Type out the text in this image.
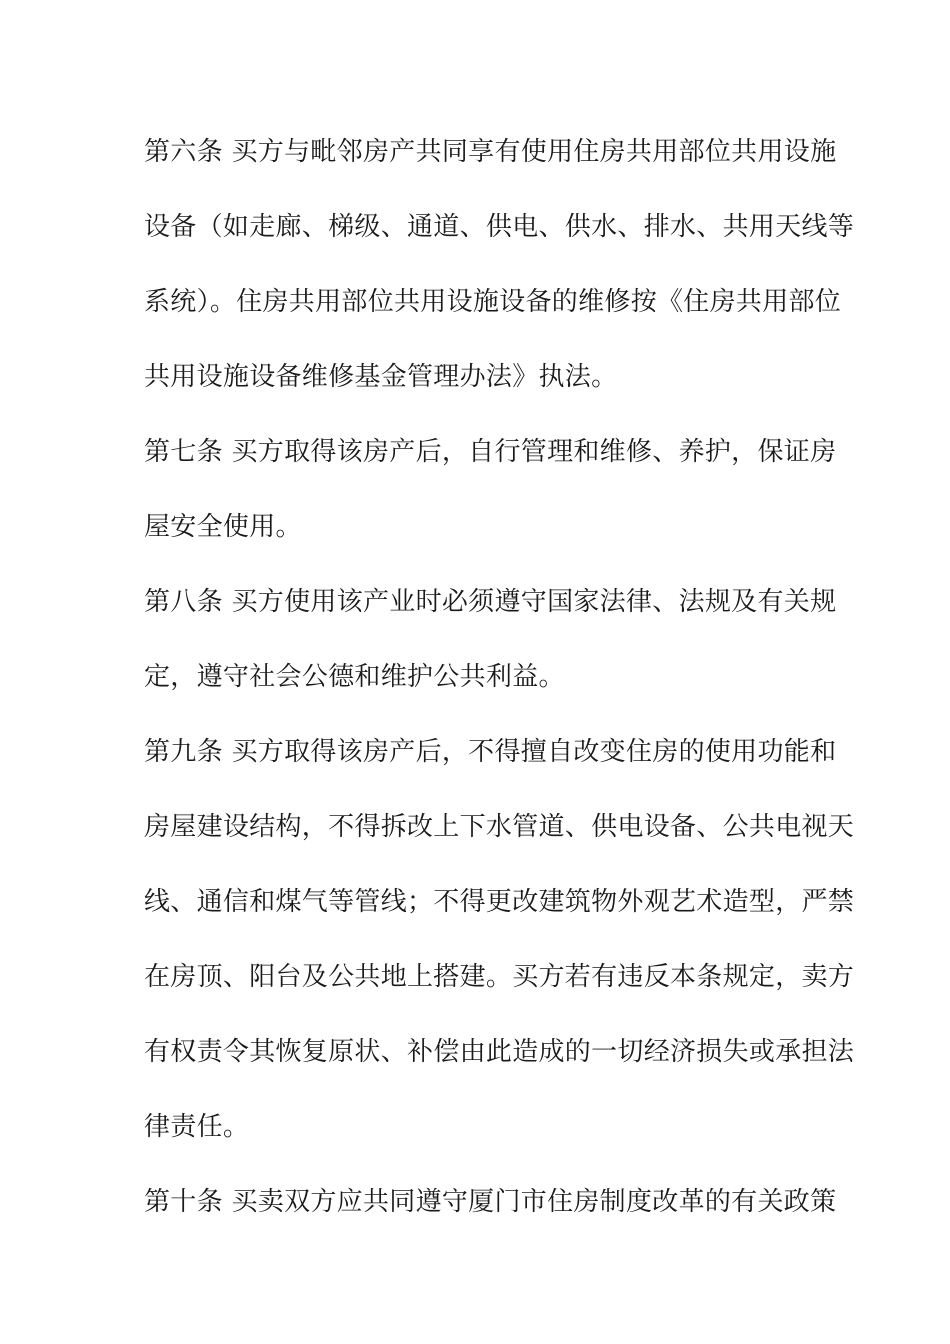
第六条 买方与毗邻房产共同享有使用住房共用部位共用设施
设备（如走廊、梯级、通道、供电、供水、排水、共用天线等
系统）。住房共用部位共用设施设备的维修按《住房共用部位
共用设施设备维修基金管理办法》执法。
第七条 买方取得该房产后，自行管理和维修、养护，保证房
屋安全使用。
第八条 买方使用该产业时必须遵守国家法律、法规及有关规
定，遵守社会公德和维护公共利益。
第九条 买方取得该房产后，不得擅自改变住房的使用功能和
房屋建设结构，不得拆改上下水管道、供电设备、公共电视天
线、通信和煤气等管线；不得更改建筑物外观艺术造型，严禁
在房顶、阳台及公共地上搭建。买方若有违反本条规定，卖方
有权责令其恢复原状、补偿由此造成的一切经济损失或承担法
律责任。
第十条 买卖双方应共同遵守厦门市住房制度改革的有关政策
